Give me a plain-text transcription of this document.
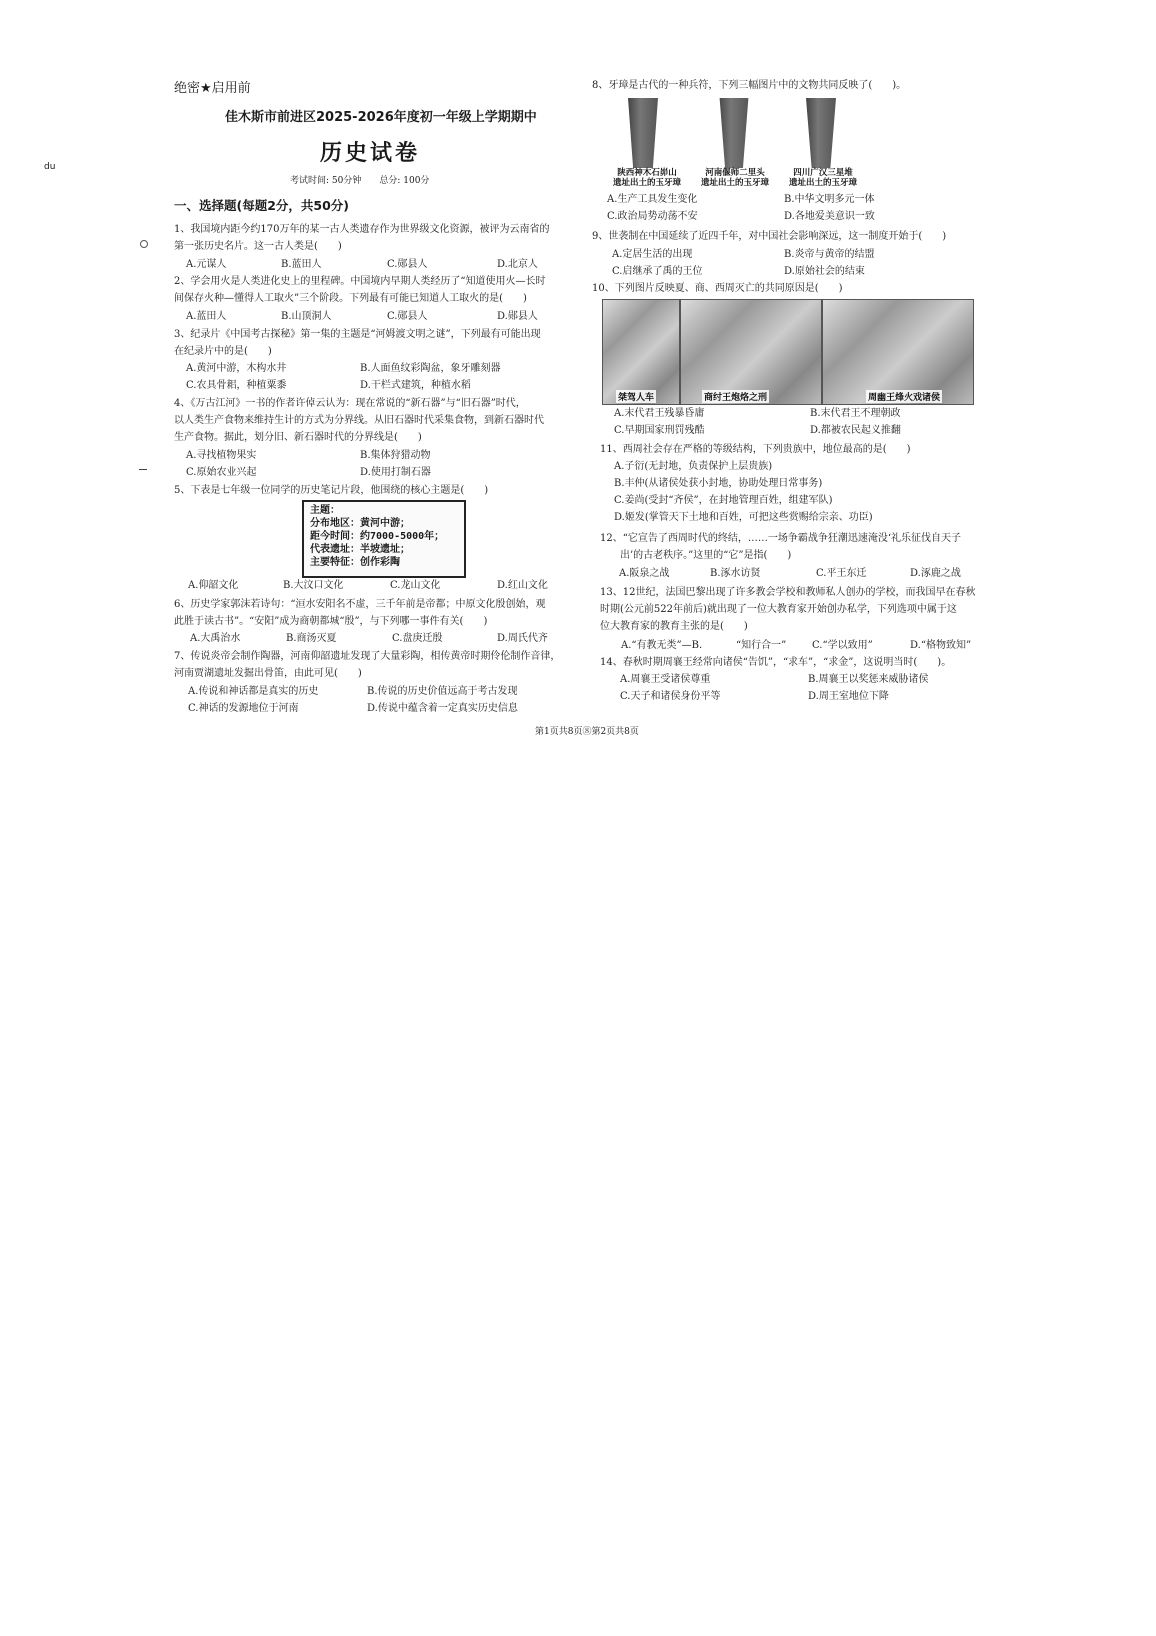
du
绝密★启用前
佳木斯市前进区2025-2026年度初一年级上学期期中
历史试卷
考试时间: 50分钟　　总分: 100分
一、选择题(每题2分，共50分)
1、我国境内距今约170万年的某一古人类遗存作为世界级文化资源，被评为云南省的
第一张历史名片。这一古人类是(　　)
A.元谋人	B.蓝田人	C.郧县人	D.北京人
2、学会用火是人类进化史上的里程碑。中国境内早期人类经历了“知道使用火—长时
间保存火种—懂得人工取火”三个阶段。下列最有可能已知道人工取火的是(　　)
A.蓝田人	B.山顶洞人	C.郧县人	D.郧县人
3、纪录片《中国考古探秘》第一集的主题是“河姆渡文明之谜”，下列最有可能出现
在纪录片中的是(　　)
A.黄河中游，木构水井	B.人面鱼纹彩陶盆，象牙雕刻器
C.农具骨耜，种植粟黍	D.干栏式建筑，种植水稻
4、《万古江河》一书的作者许倬云认为：现在常说的“新石器”与“旧石器”时代，
以人类生产食物来维持生计的方式为分界线。从旧石器时代采集食物，到新石器时代
生产食物。据此，划分旧、新石器时代的分界线是(　　)
A.寻找植物果实	B.集体狩猎动物
C.原始农业兴起	D.使用打制石器
5、下表是七年级一位同学的历史笔记片段，他围绕的核心主题是(　　)
主题：
分布地区：黄河中游；
距今时间：约7000-5000年；
代表遗址：半坡遗址；
主要特征：创作彩陶
A.仰韶文化	B.大汶口文化	C.龙山文化	D.红山文化
6、历史学家郭沫若诗句：“洹水安阳名不虚，三千年前是帝都；中原文化殷创始，观
此胜于读古书”。“安阳”成为商朝都城“殷”，与下列哪一事件有关(　　)
A.大禹治水	B.商汤灭夏	C.盘庚迁殷	D.周氏代齐
7、传说炎帝会制作陶器，河南仰韶遗址发现了大量彩陶，相传黄帝时期伶伦制作音律，
河南贾湖遗址发掘出骨笛，由此可见(　　)
A.传说和神话都是真实的历史	B.传说的历史价值远高于考古发现
C.神话的发源地位于河南	D.传说中蕴含着一定真实历史信息
8、牙璋是古代的一种兵符，下列三幅图片中的文物共同反映了(　　)。
陕西神木石峁山
遗址出土的玉牙璋
河南偃师二里头
遗址出土的玉牙璋
四川广汉三星堆
遗址出土的玉牙璋
A.生产工具发生变化	B.中华文明多元一体
C.政治局势动荡不安	D.各地爱美意识一致
9、世袭制在中国延续了近四千年，对中国社会影响深远，这一制度开始于(　　)
A.定居生活的出现	B.炎帝与黄帝的结盟
C.启继承了禹的王位	D.原始社会的结束
10、下列图片反映夏、商、西周灭亡的共同原因是(　　)
桀驾人车	商纣王炮烙之刑	周幽王烽火戏诸侯
A.末代君王残暴昏庸	B.末代君王不理朝政
C.早期国家刑罚残酷	D.都被农民起义推翻
11、西周社会存在严格的等级结构，下列贵族中，地位最高的是(　　)
A.子衍(无封地，负责保护上层贵族)
B.丰仲(从诸侯处获小封地，协助处理日常事务)
C.姜尚(受封“齐侯”，在封地管理百姓，组建军队)
D.姬发(掌管天下土地和百姓，可把这些赏赐给宗亲、功臣)
12、“它宣告了西周时代的终结，……一场争霸战争狂潮迅速淹没‘礼乐征伐自天子
出’的古老秩序。”这里的“它”是指(　　)
A.阪泉之战	B.涿水访贤	C.平王东迁	D.涿鹿之战
13、12世纪，法国巴黎出现了许多教会学校和教师私人创办的学校，而我国早在春秋
时期(公元前522年前后)就出现了一位大教育家开始创办私学，下列选项中属于这
位大教育家的教育主张的是(　　)
A.“有教无类”—B.	“知行合一”	C.“学以致用”	D.“格物致知”
14、春秋时期周襄王经常向诸侯“告饥”，“求车”，“求金”，这说明当时(　　)。
A.周襄王受诸侯尊重	B.周襄王以奖惩来威胁诸侯
C.天子和诸侯身份平等	D.周王室地位下降
第1页共8页⑧第2页共8页
